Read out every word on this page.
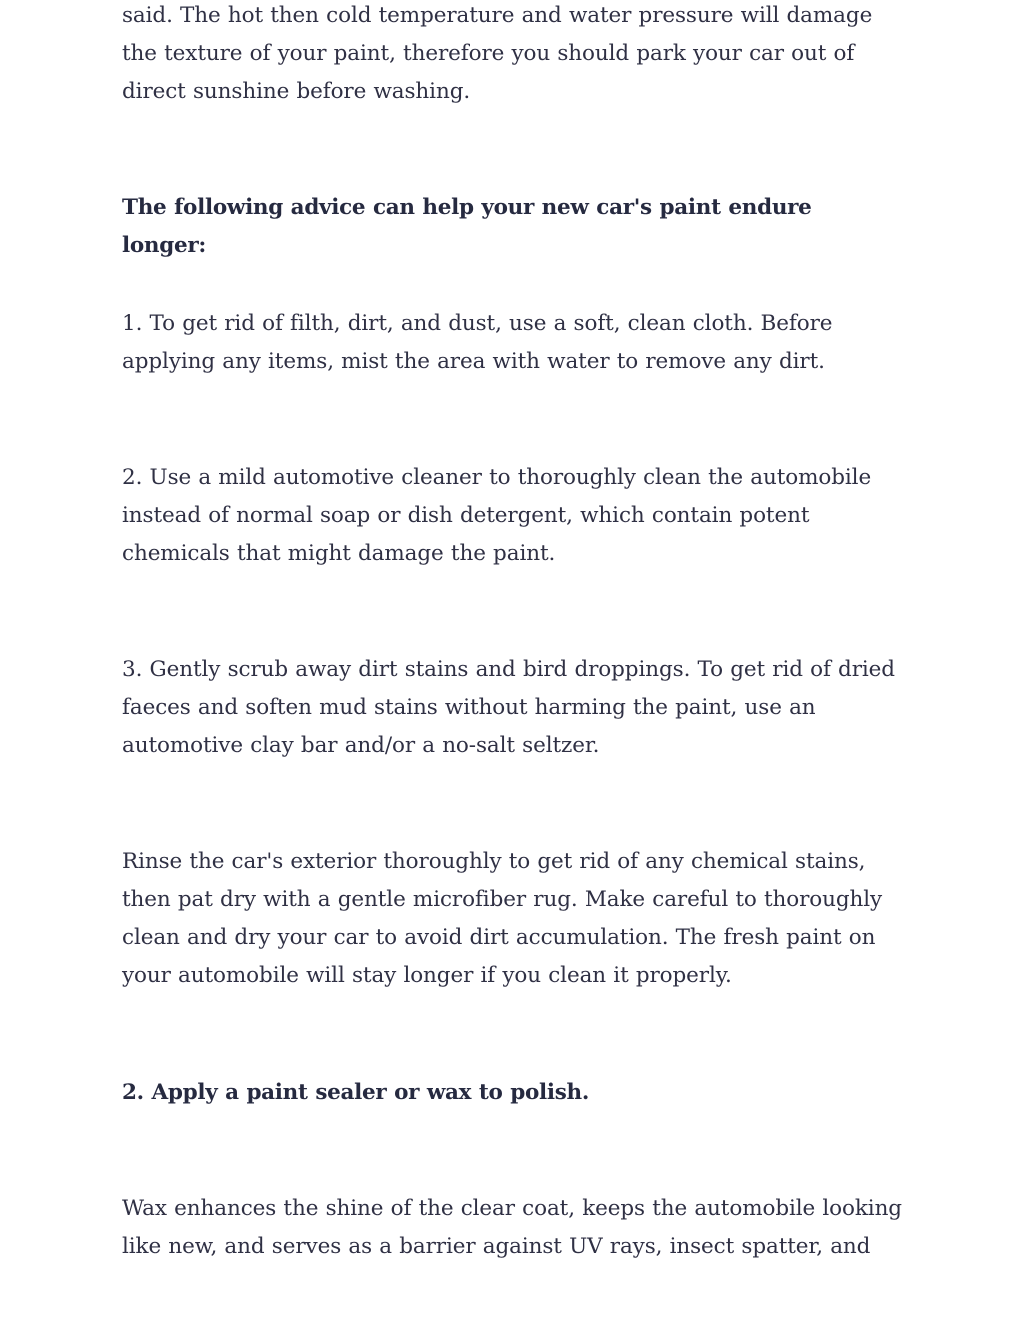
said. The hot then cold temperature and water pressure will damage the texture of your paint, therefore you should park your car out of direct sunshine before washing.

The following advice can help your new car's paint endure longer:

1. To get rid of filth, dirt, and dust, use a soft, clean cloth. Before applying any items, mist the area with water to remove any dirt.

2. Use a mild automotive cleaner to thoroughly clean the automobile instead of normal soap or dish detergent, which contain potent chemicals that might damage the paint.

3. Gently scrub away dirt stains and bird droppings. To get rid of dried faeces and soften mud stains without harming the paint, use an automotive clay bar and/or a no-salt seltzer.

Rinse the car's exterior thoroughly to get rid of any chemical stains, then pat dry with a gentle microfiber rug. Make careful to thoroughly clean and dry your car to avoid dirt accumulation. The fresh paint on your automobile will stay longer if you clean it properly.

2. Apply a paint sealer or wax to polish.

Wax enhances the shine of the clear coat, keeps the automobile looking like new, and serves as a barrier against UV rays, insect spatter, and
